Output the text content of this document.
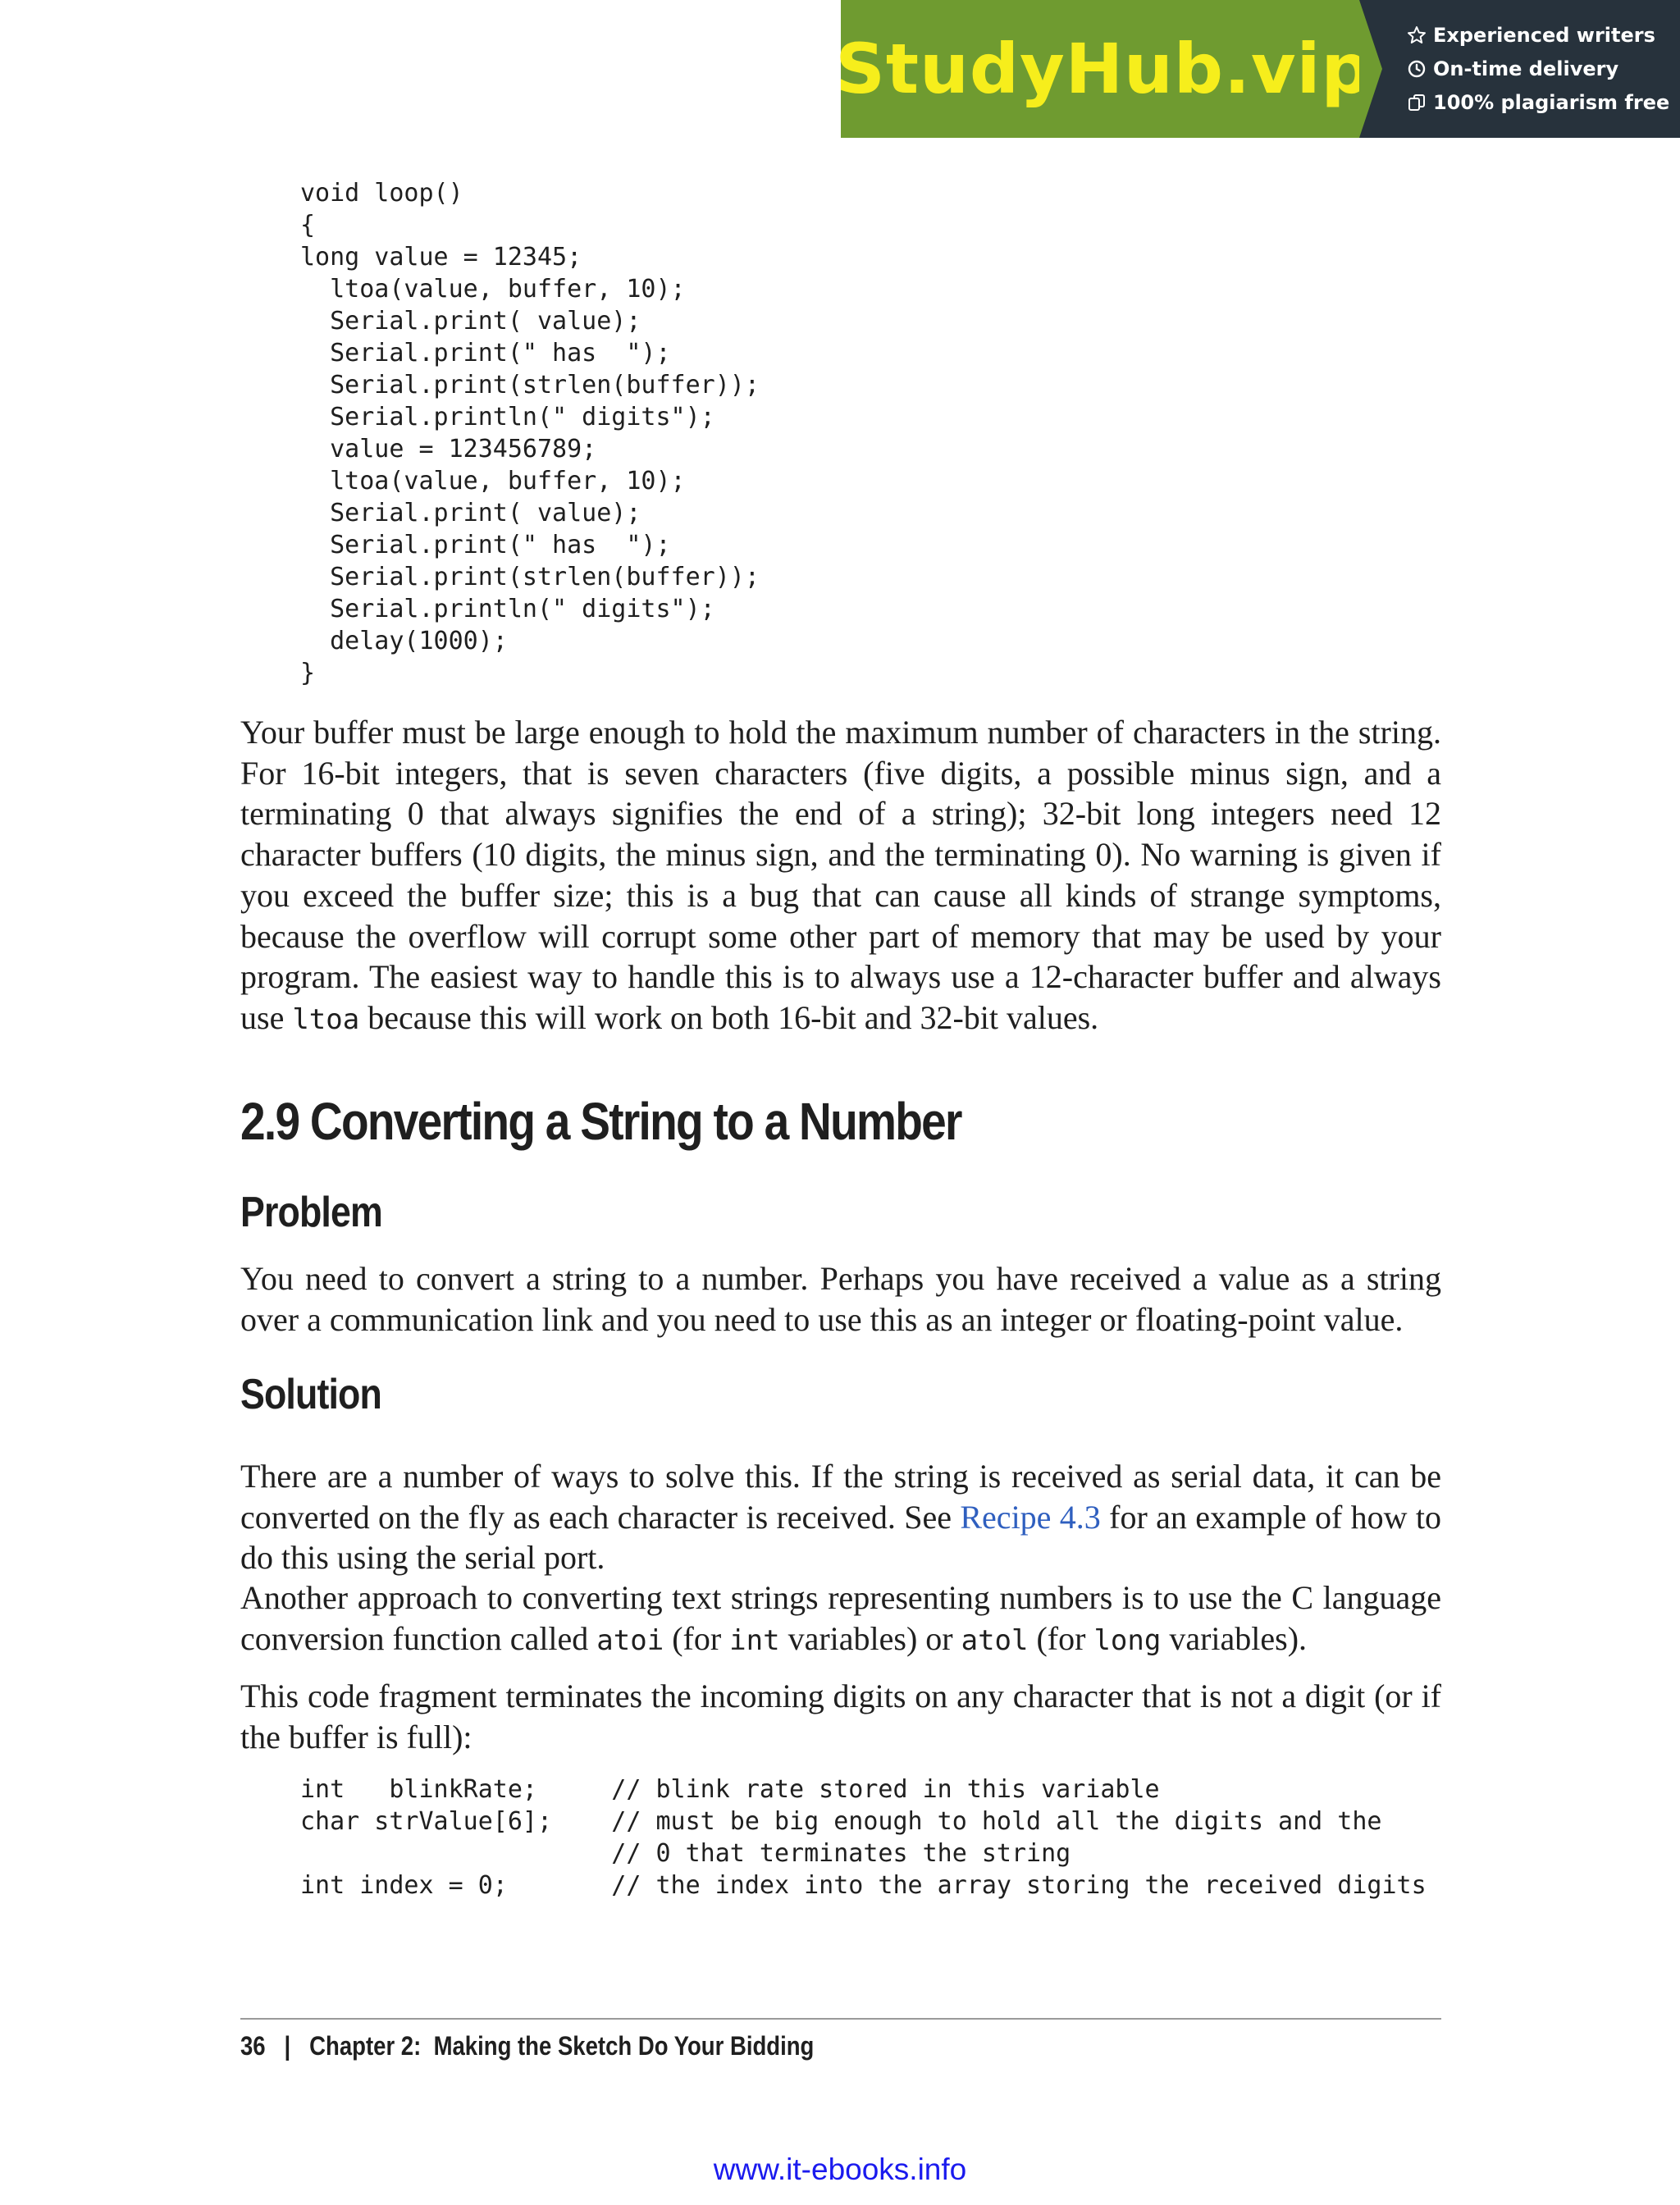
StudyHub.vip	Experienced writers
On-time delivery
100% plagiarism free
void loop()
{
long value = 12345;
ltoa(value, buffer, 10);
Serial.print( value);
Serial.print(" has  ");
Serial.print(strlen(buffer));
Serial.println(" digits");
value = 123456789;
ltoa(value, buffer, 10);
Serial.print( value);
Serial.print(" has  ");
Serial.print(strlen(buffer));
Serial.println(" digits");
delay(1000);
}

Your buffer must be large enough to hold the maximum number of characters in the string. For 16-bit integers, that is seven characters (five digits, a possible minus sign, and a terminating 0 that always signifies the end of a string); 32-bit long integers need 12 character buffers (10 digits, the minus sign, and the terminating 0). No warning is given if you exceed the buffer size; this is a bug that can cause all kinds of strange symptoms, because the overflow will corrupt some other part of memory that may be used by your program. The easiest way to handle this is to always use a 12-character buffer and always use ltoa because this will work on both 16-bit and 32-bit values.

2.9 Converting a String to a Number
Problem

You need to convert a string to a number. Perhaps you have received a value as a string over a communication link and you need to use this as an integer or floating-point value.

Solution

There are a number of ways to solve this. If the string is received as serial data, it can be converted on the fly as each character is received. See Recipe 4.3 for an example of how to do this using the serial port.

Another approach to converting text strings representing numbers is to use the C language conversion function called atoi (for int variables) or atol (for long variables).

This code fragment terminates the incoming digits on any character that is not a digit (or if the buffer is full):

int   blinkRate;     // blink rate stored in this variable
char strValue[6];    // must be big enough to hold all the digits and the
// 0 that terminates the string
int index = 0;       // the index into the array storing the received digits

36 | Chapter 2:  Making the Sketch Do Your Bidding

www.it-ebooks.info
